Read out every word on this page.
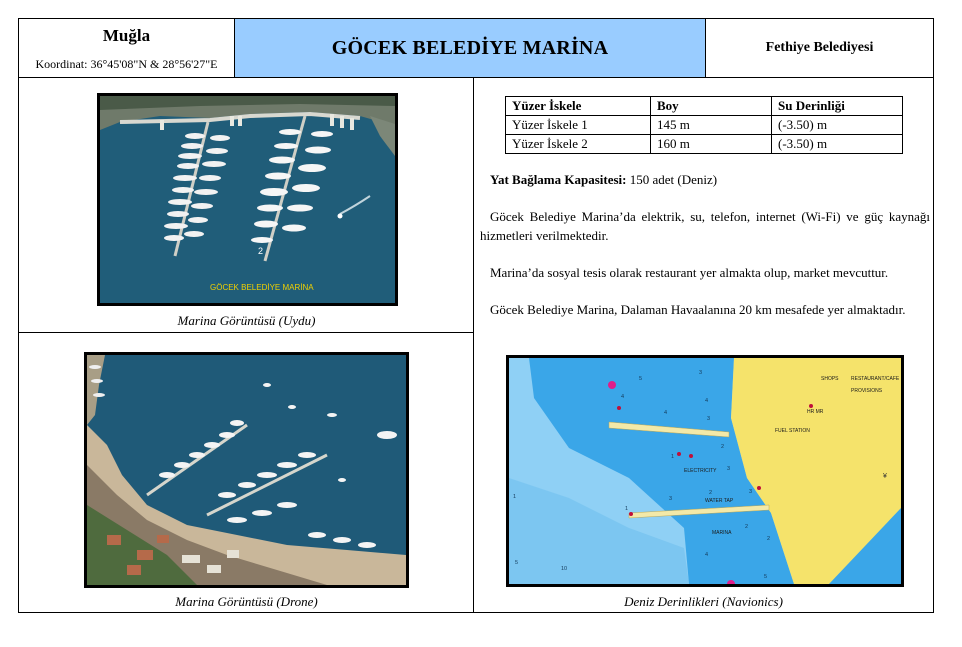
Muğla
Koordinat: 36°45'08"N & 28°56'27"E
GÖCEK BELEDİYE MARİNA	Fethiye Belediyesi
2
GÖCEK BELEDİYE MARİNA
Marina Görüntüsü (Uydu)
Marina Görüntüsü (Drone)
Yüzer İskele	Boy	Su Derinliği
Yüzer İskele 1	145 m	(-3.50) m
Yüzer İskele 2	160 m	(-3.50) m
Yat Bağlama Kapasitesi: 150 adet (Deniz)
Göcek Belediye Marina’da elektrik, su, telefon, internet (Wi-Fi) ve güç kaynağı hizmetleri verilmektedir.
Marina’da sosyal tesis olarak restaurant yer almakta olup, market mevcuttur.
Göcek Belediye Marina, Dalaman Havaalanına 20 km mesafede yer almaktadır.
SHOPS RESTAURANT/CAFE
PROVISIONS
HR MR
FUEL STATION
ELECTRICITY
WATER TAP
MARINA
5
3
4
3
4
2
1
3
2
3
2
4
1
2
5
4
3
1
10
5
¥
Deniz Derinlikleri (Navionics)
